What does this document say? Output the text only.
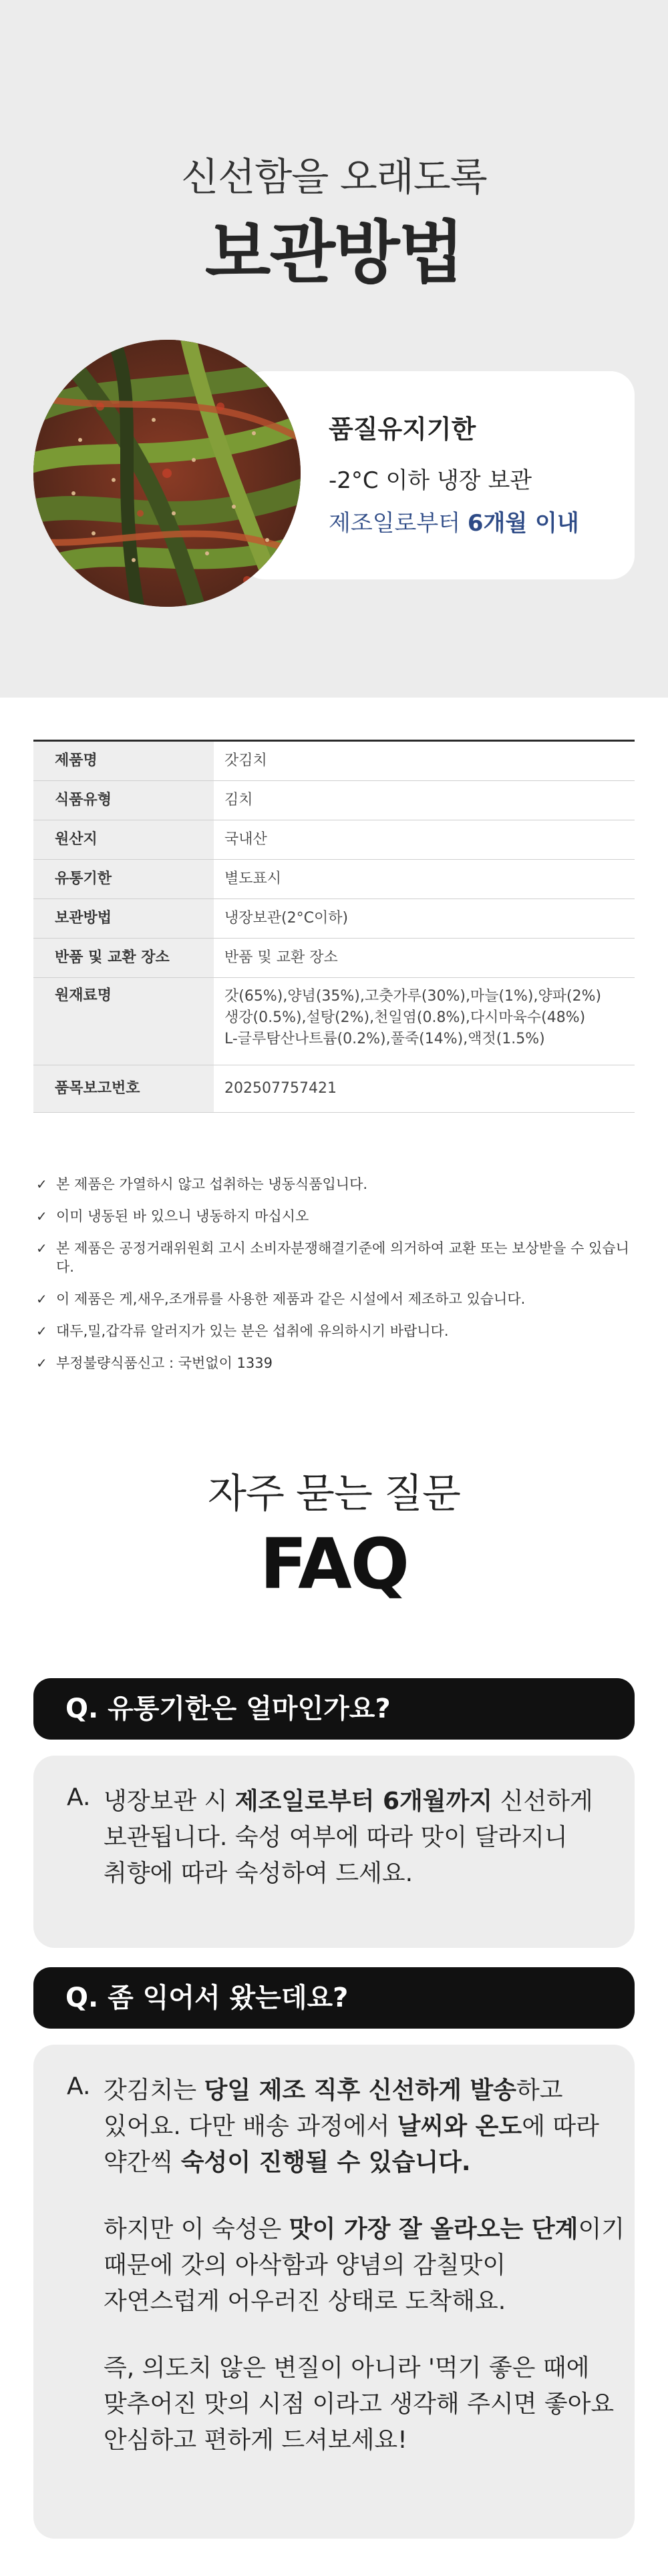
신선함을 오래도록
보관방법
품질유지기한
-2°C 이하 냉장 보관
제조일로부터 6개월 이내
제품명	갓김치
식품유형	김치
원산지	국내산
유통기한	별도표시
보관방법	냉장보관(2°C이하)
반품 및 교환 장소	반품 및 교환 장소
원재료명	갓(65%),양념(35%),고춧가루(30%),마늘(1%),양파(2%)
생강(0.5%),설탕(2%),천일염(0.8%),다시마육수(48%)
L-글루탐산나트륨(0.2%),풀죽(14%),액젓(1.5%)

품목보고번호	202507757421
✓ 본 제품은 가열하시 않고 섭취하는 냉동식품입니다.
✓ 이미 냉동된 바 있으니 냉동하지 마십시오
✓ 본 제품은 공정거래위원회 고시 소비자분쟁해결기준에 의거하여 교환 또는 보상받을 수 있습니다.
✓ 이 제품은 게,새우,조개류를 사용한 제품과 같은 시설에서 제조하고 있습니다.
✓ 대두,밀,갑각류 알러지가 있는 분은 섭취에 유의하시기 바랍니다.
✓ 부정불량식품신고 : 국번없이 1339
자주 묻는 질문
FAQ
Q. 유통기한은 얼마인가요?
A. 냉장보관 시 제조일로부터 6개월까지 신선하게
보관됩니다. 숙성 여부에 따라 맛이 달라지니
취향에 따라 숙성하여 드세요.
Q. 좀 익어서 왔는데요?
A. 갓김치는 당일 제조 직후 신선하게 발송하고
있어요. 다만 배송 과정에서 날씨와 온도에 따라
약간씩 숙성이 진행될 수 있습니다.
하지만 이 숙성은 맛이 가장 잘 올라오는 단계이기
때문에 갓의 아삭함과 양념의 감칠맛이
자연스럽게 어우러진 상태로 도착해요.
즉, 의도치 않은 변질이 아니라 '먹기 좋은 때에
맞추어진 맛의 시점 이라고 생각해 주시면 좋아요
안심하고 편하게 드셔보세요!
